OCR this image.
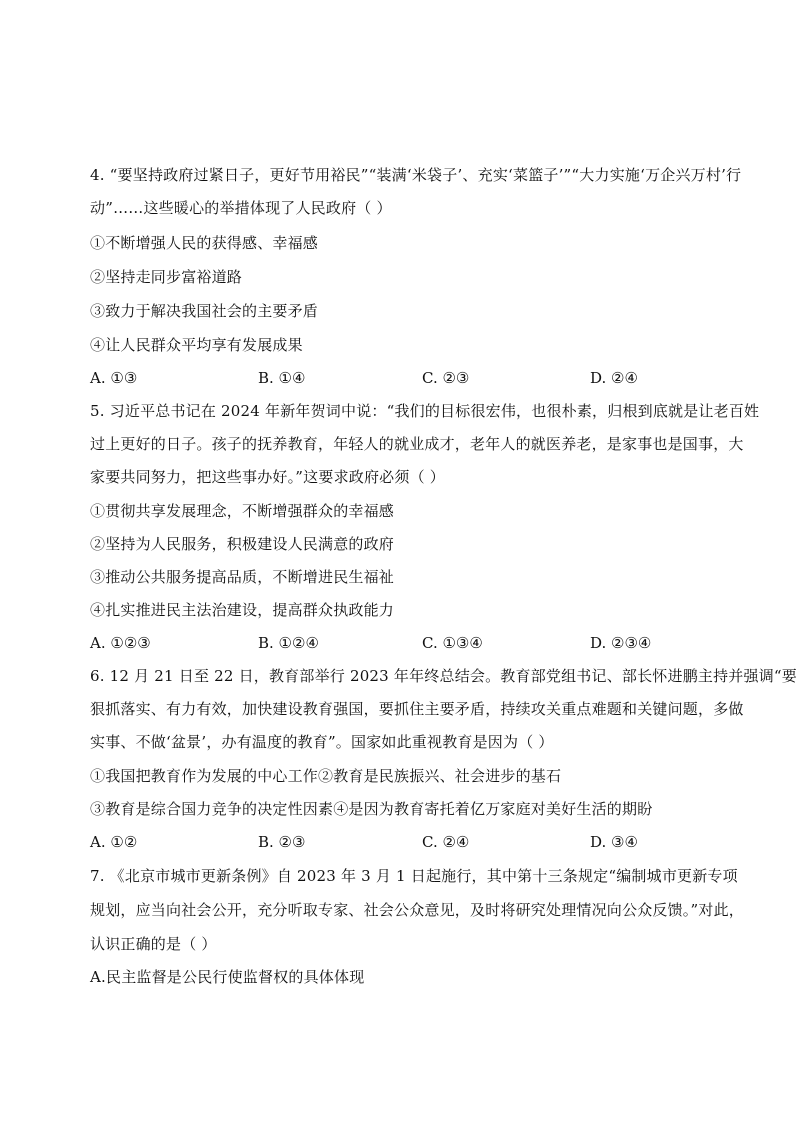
4. “要坚持政府过紧日子，更好节用裕民”“装满‘米袋子’、充实‘菜篮子’”“大力实施‘万企兴万村’行
动”……这些暖心的举措体现了人民政府（ ）
①不断增强人民的获得感、幸福感
②坚持走同步富裕道路
③致力于解决我国社会的主要矛盾
④让人民群众平均享有发展成果
A. ①③	B. ①④	C. ②③	D. ②④
5. 习近平总书记在 2024 年新年贺词中说：“我们的目标很宏伟，也很朴素，归根到底就是让老百姓
过上更好的日子。孩子的抚养教育，年轻人的就业成才，老年人的就医养老，是家事也是国事，大
家要共同努力，把这些事办好。”这要求政府必须（ ）
①贯彻共享发展理念，不断增强群众的幸福感
②坚持为人民服务，积极建设人民满意的政府
③推动公共服务提高品质，不断增进民生福祉
④扎实推进民主法治建设，提高群众执政能力
A. ①②③	B. ①②④	C. ①③④	D. ②③④
6. 12 月 21 日至 22 日，教育部举行 2023 年年终总结会。教育部党组书记、部长怀进鹏主持并强调“要
狠抓落实、有力有效，加快建设教育强国，要抓住主要矛盾，持续攻关重点难题和关键问题，多做
实事、不做‘盆景’，办有温度的教育”。国家如此重视教育是因为（ ）
①我国把教育作为发展的中心工作②教育是民族振兴、社会进步的基石
③教育是综合国力竞争的决定性因素④是因为教育寄托着亿万家庭对美好生活的期盼
A. ①②	B. ②③	C. ②④	D. ③④
7. 《北京市城市更新条例》自 2023 年 3 月 1 日起施行，其中第十三条规定“编制城市更新专项
规划，应当向社会公开，充分听取专家、社会公众意见，及时将研究处理情况向公众反馈。”对此，
认识正确的是（ ）
A.民主监督是公民行使监督权的具体体现
